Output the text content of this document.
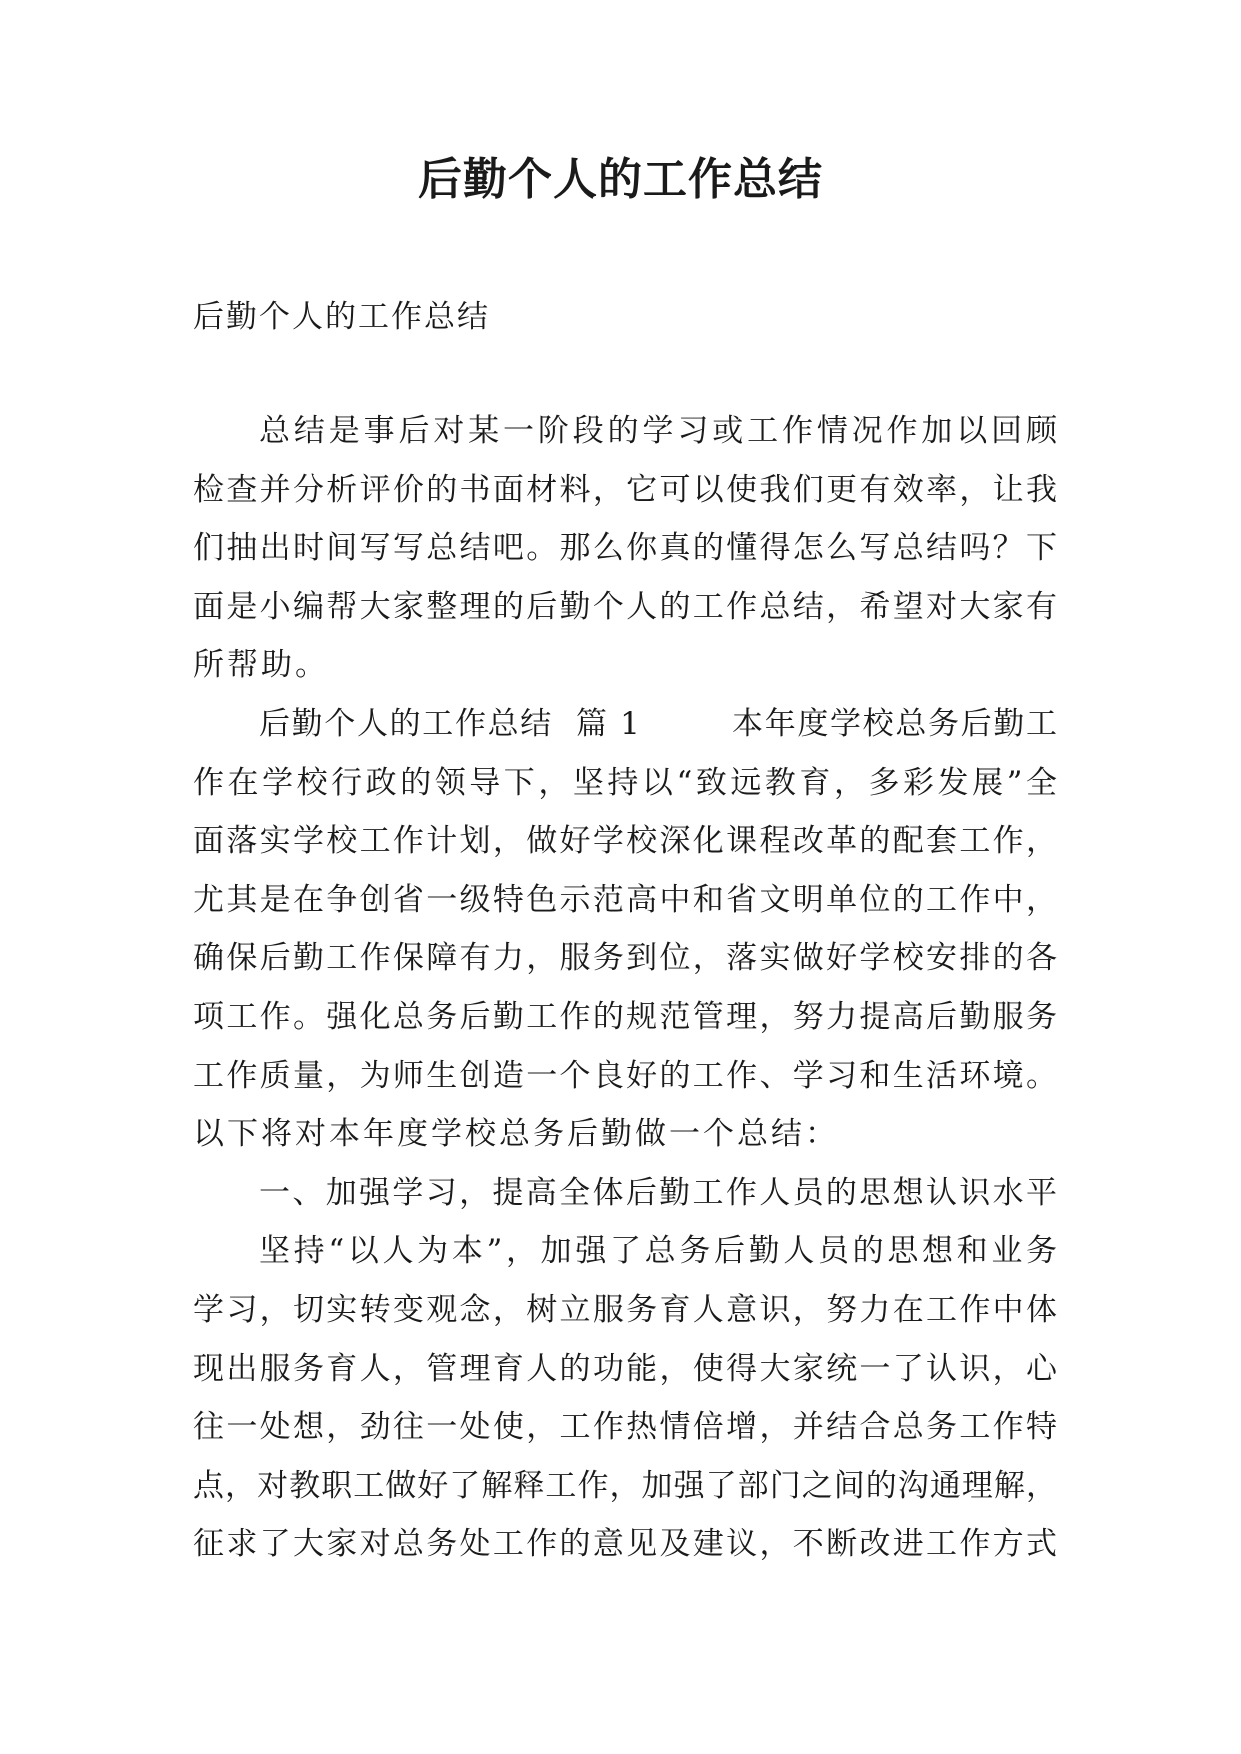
后勤个人的工作总结
后勤个人的工作总结
总结是事后对某一阶段的学习或工作情况作加以回顾
检查并分析评价的书面材料，它可以使我们更有效率，让我
们抽出时间写写总结吧。那么你真的懂得怎么写总结吗？下
面是小编帮大家整理的后勤个人的工作总结，希望对大家有
所帮助。
后勤个人的工作总结  篇 1        本年度学校总务后勤工
作在学校行政的领导下，坚持以“致远教育，多彩发展”全
面落实学校工作计划，做好学校深化课程改革的配套工作，
尤其是在争创省一级特色示范高中和省文明单位的工作中，
确保后勤工作保障有力，服务到位，落实做好学校安排的各
项工作。强化总务后勤工作的规范管理，努力提高后勤服务
工作质量，为师生创造一个良好的工作、学习和生活环境。
以下将对本年度学校总务后勤做一个总结：
一、加强学习，提高全体后勤工作人员的思想认识水平
坚持“以人为本”，加强了总务后勤人员的思想和业务
学习，切实转变观念，树立服务育人意识，努力在工作中体
现出服务育人，管理育人的功能，使得大家统一了认识，心
往一处想，劲往一处使，工作热情倍增，并结合总务工作特
点，对教职工做好了解释工作，加强了部门之间的沟通理解，
征求了大家对总务处工作的意见及建议，不断改进工作方式
